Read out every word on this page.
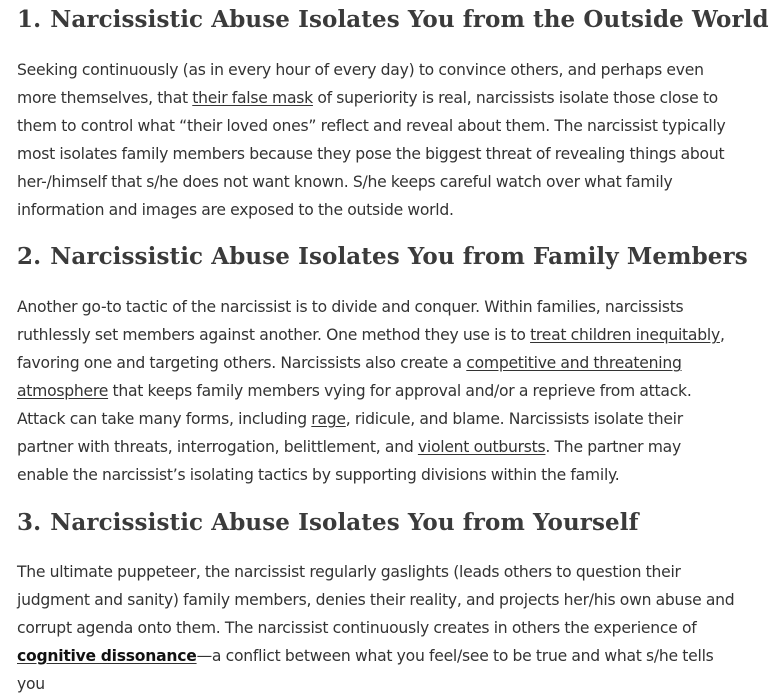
1. Narcissistic Abuse Isolates You from the Outside World

Seeking continuously (as in every hour of every day) to convince others, and perhaps even more themselves, that their false mask of superiority is real, narcissists isolate those close to them to control what “their loved ones” reflect and reveal about them. The narcissist typically most isolates family members because they pose the biggest threat of revealing things about her-/himself that s/he does not want known. S/he keeps careful watch over what family information and images are exposed to the outside world.

2. Narcissistic Abuse Isolates You from Family Members

Another go-to tactic of the narcissist is to divide and conquer. Within families, narcissists ruthlessly set members against another. One method they use is to treat children inequitably, favoring one and targeting others. Narcissists also create a competitive and threatening atmosphere that keeps family members vying for approval and/or a reprieve from attack. Attack can take many forms, including rage, ridicule, and blame. Narcissists isolate their partner with threats, interrogation, belittlement, and violent outbursts. The partner may enable the narcissist’s isolating tactics by supporting divisions within the family.

3. Narcissistic Abuse Isolates You from Yourself

The ultimate puppeteer, the narcissist regularly gaslights (leads others to question their judgment and sanity) family members, denies their reality, and projects her/his own abuse and corrupt agenda onto them. The narcissist continuously creates in others the experience of cognitive dissonance—a conflict between what you feel/see to be true and what s/he tells you
